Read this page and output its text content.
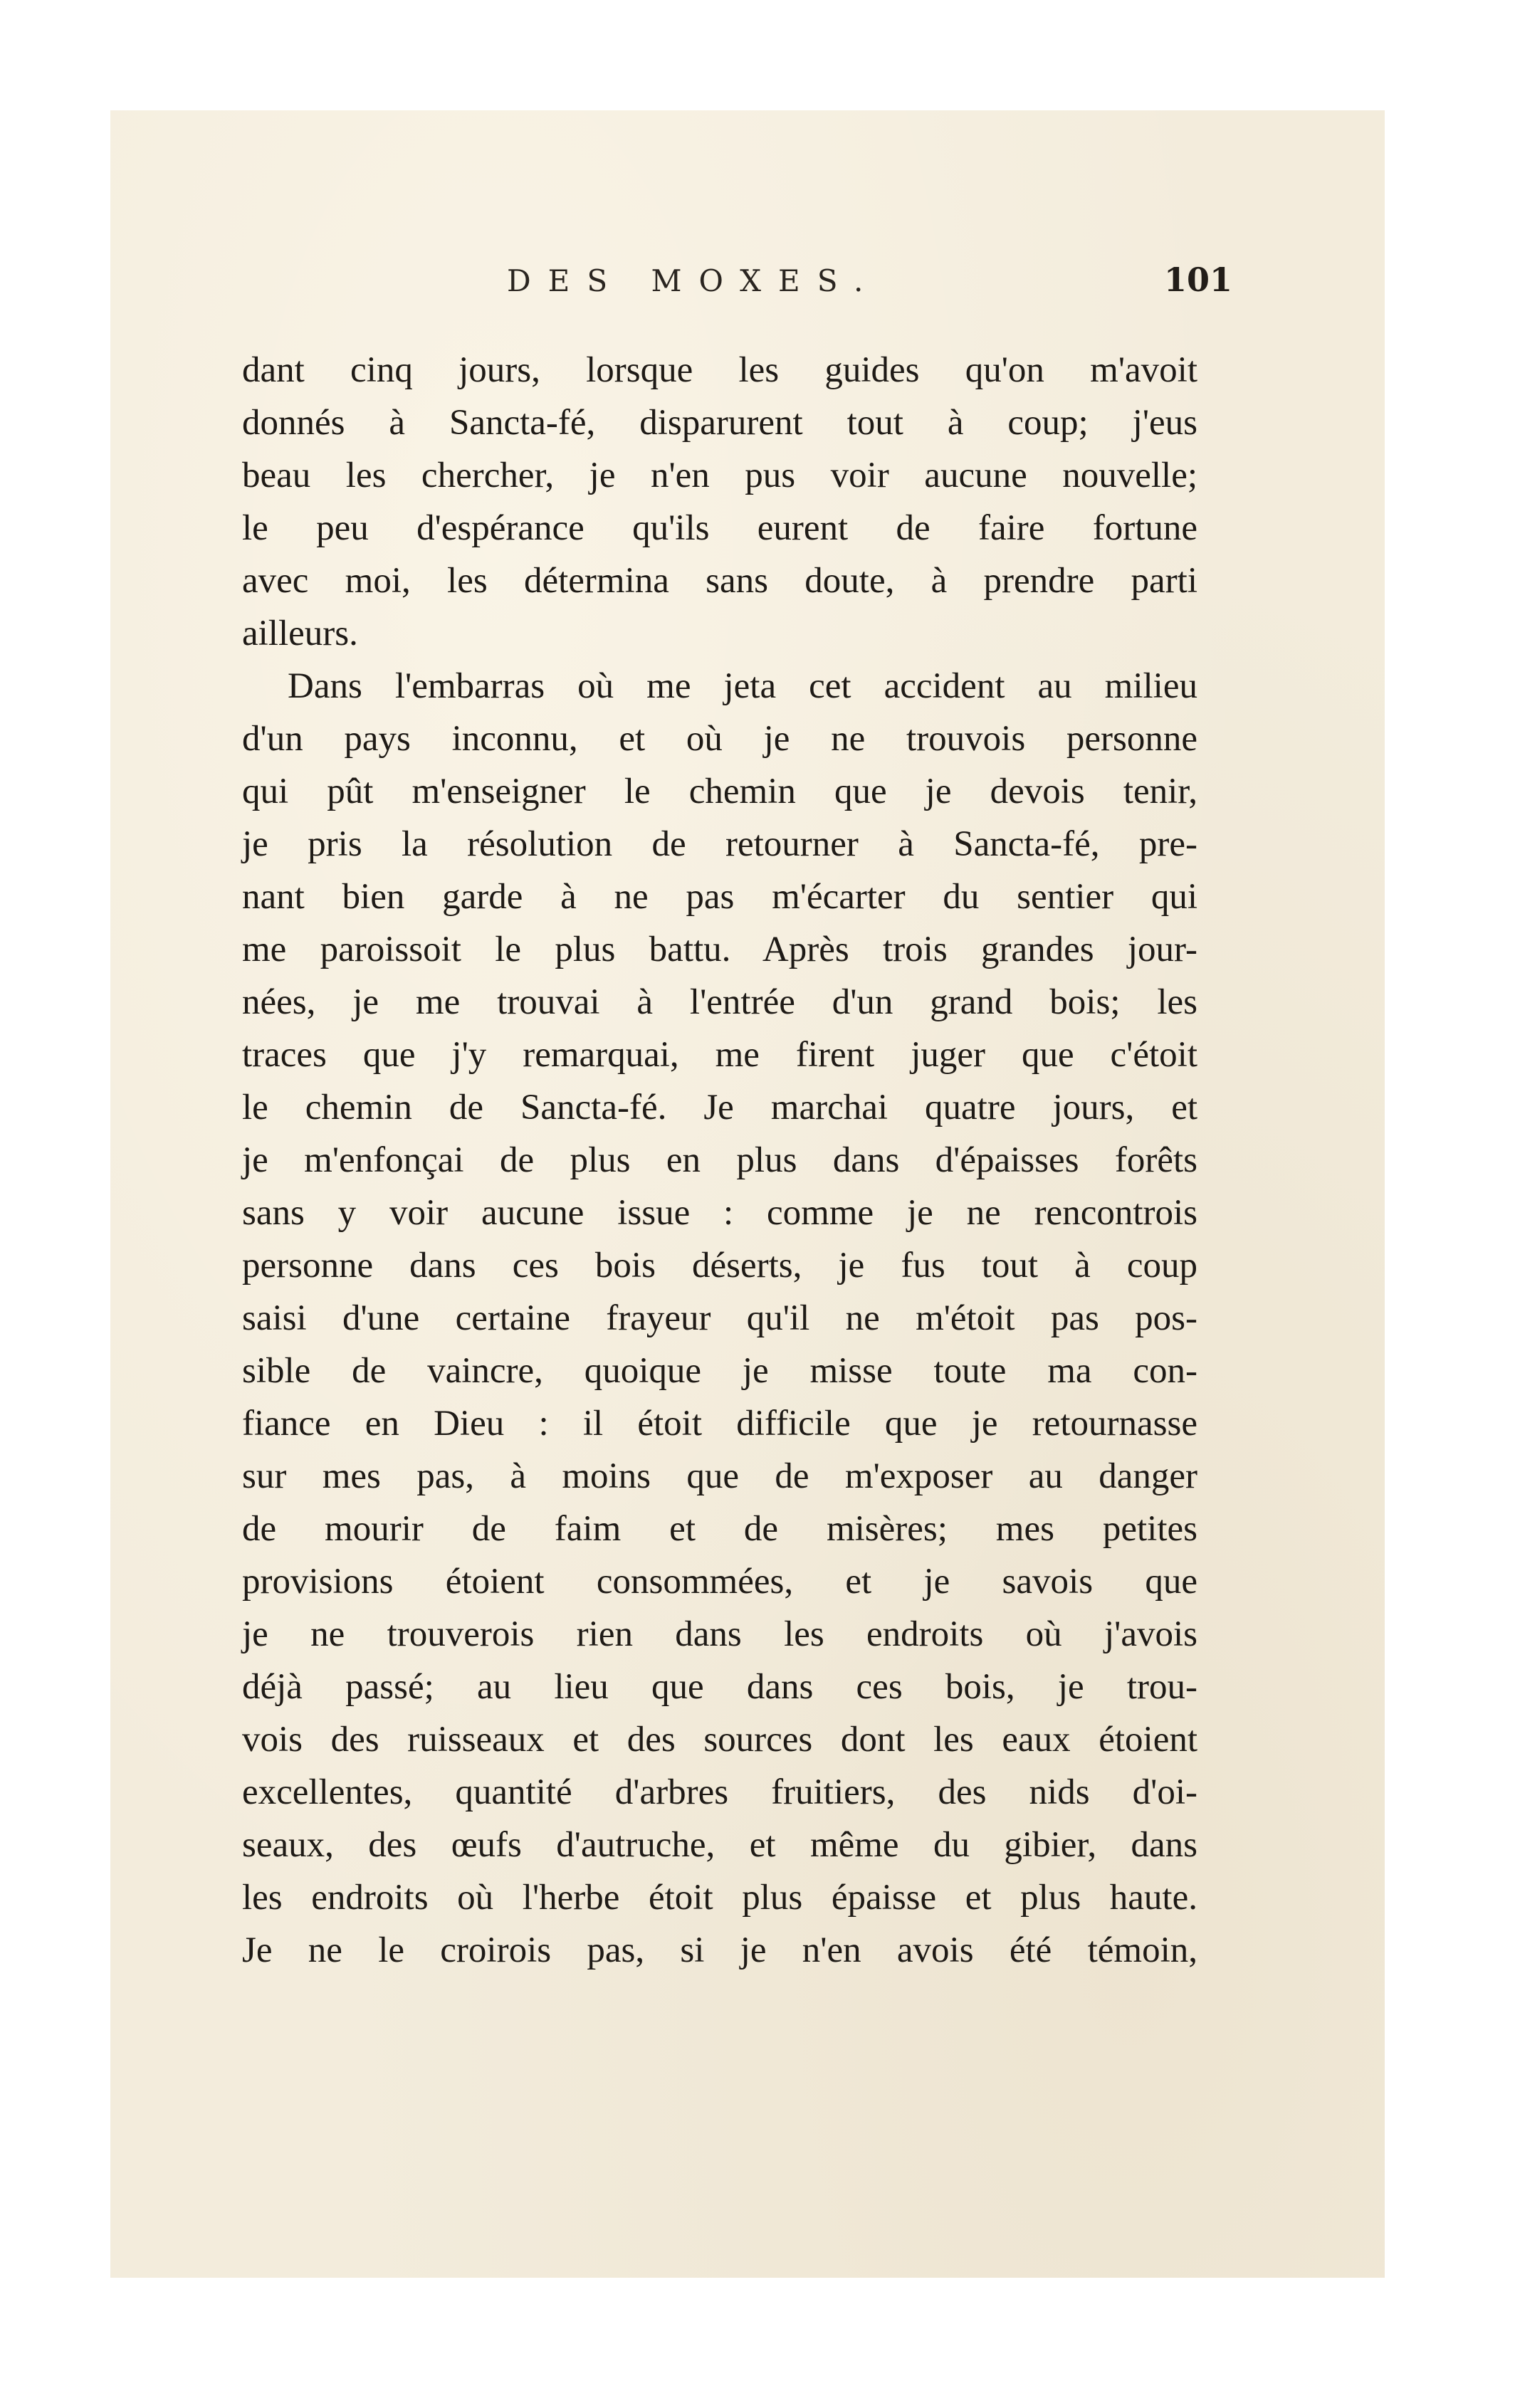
DES MOXES.	101
dant cinq jours, lorsque les guides qu'on m'avoit
donnés à Sancta-fé, disparurent tout à coup; j'eus
beau les chercher, je n'en pus voir aucune nouvelle;
le peu d'espérance qu'ils eurent de faire fortune
avec moi, les détermina sans doute, à prendre parti
ailleurs.
Dans l'embarras où me jeta cet accident au milieu
d'un pays inconnu, et où je ne trouvois personne
qui pût m'enseigner le chemin que je devois tenir,
je pris la résolution de retourner à Sancta-fé, pre-
nant bien garde à ne pas m'écarter du sentier qui
me paroissoit le plus battu. Après trois grandes jour-
nées, je me trouvai à l'entrée d'un grand bois; les
traces que j'y remarquai, me firent juger que c'étoit
le chemin de Sancta-fé. Je marchai quatre jours, et
je m'enfonçai de plus en plus dans d'épaisses forêts
sans y voir aucune issue : comme je ne rencontrois
personne dans ces bois déserts, je fus tout à coup
saisi d'une certaine frayeur qu'il ne m'étoit pas pos-
sible de vaincre, quoique je misse toute ma con-
fiance en Dieu : il étoit difficile que je retournasse
sur mes pas, à moins que de m'exposer au danger
de mourir de faim et de misères; mes petites
provisions étoient consommées, et je savois que
je ne trouverois rien dans les endroits où j'avois
déjà passé; au lieu que dans ces bois, je trou-
vois des ruisseaux et des sources dont les eaux étoient
excellentes, quantité d'arbres fruitiers, des nids d'oi-
seaux, des œufs d'autruche, et même du gibier, dans
les endroits où l'herbe étoit plus épaisse et plus haute.
Je ne le croirois pas, si je n'en avois été témoin,
